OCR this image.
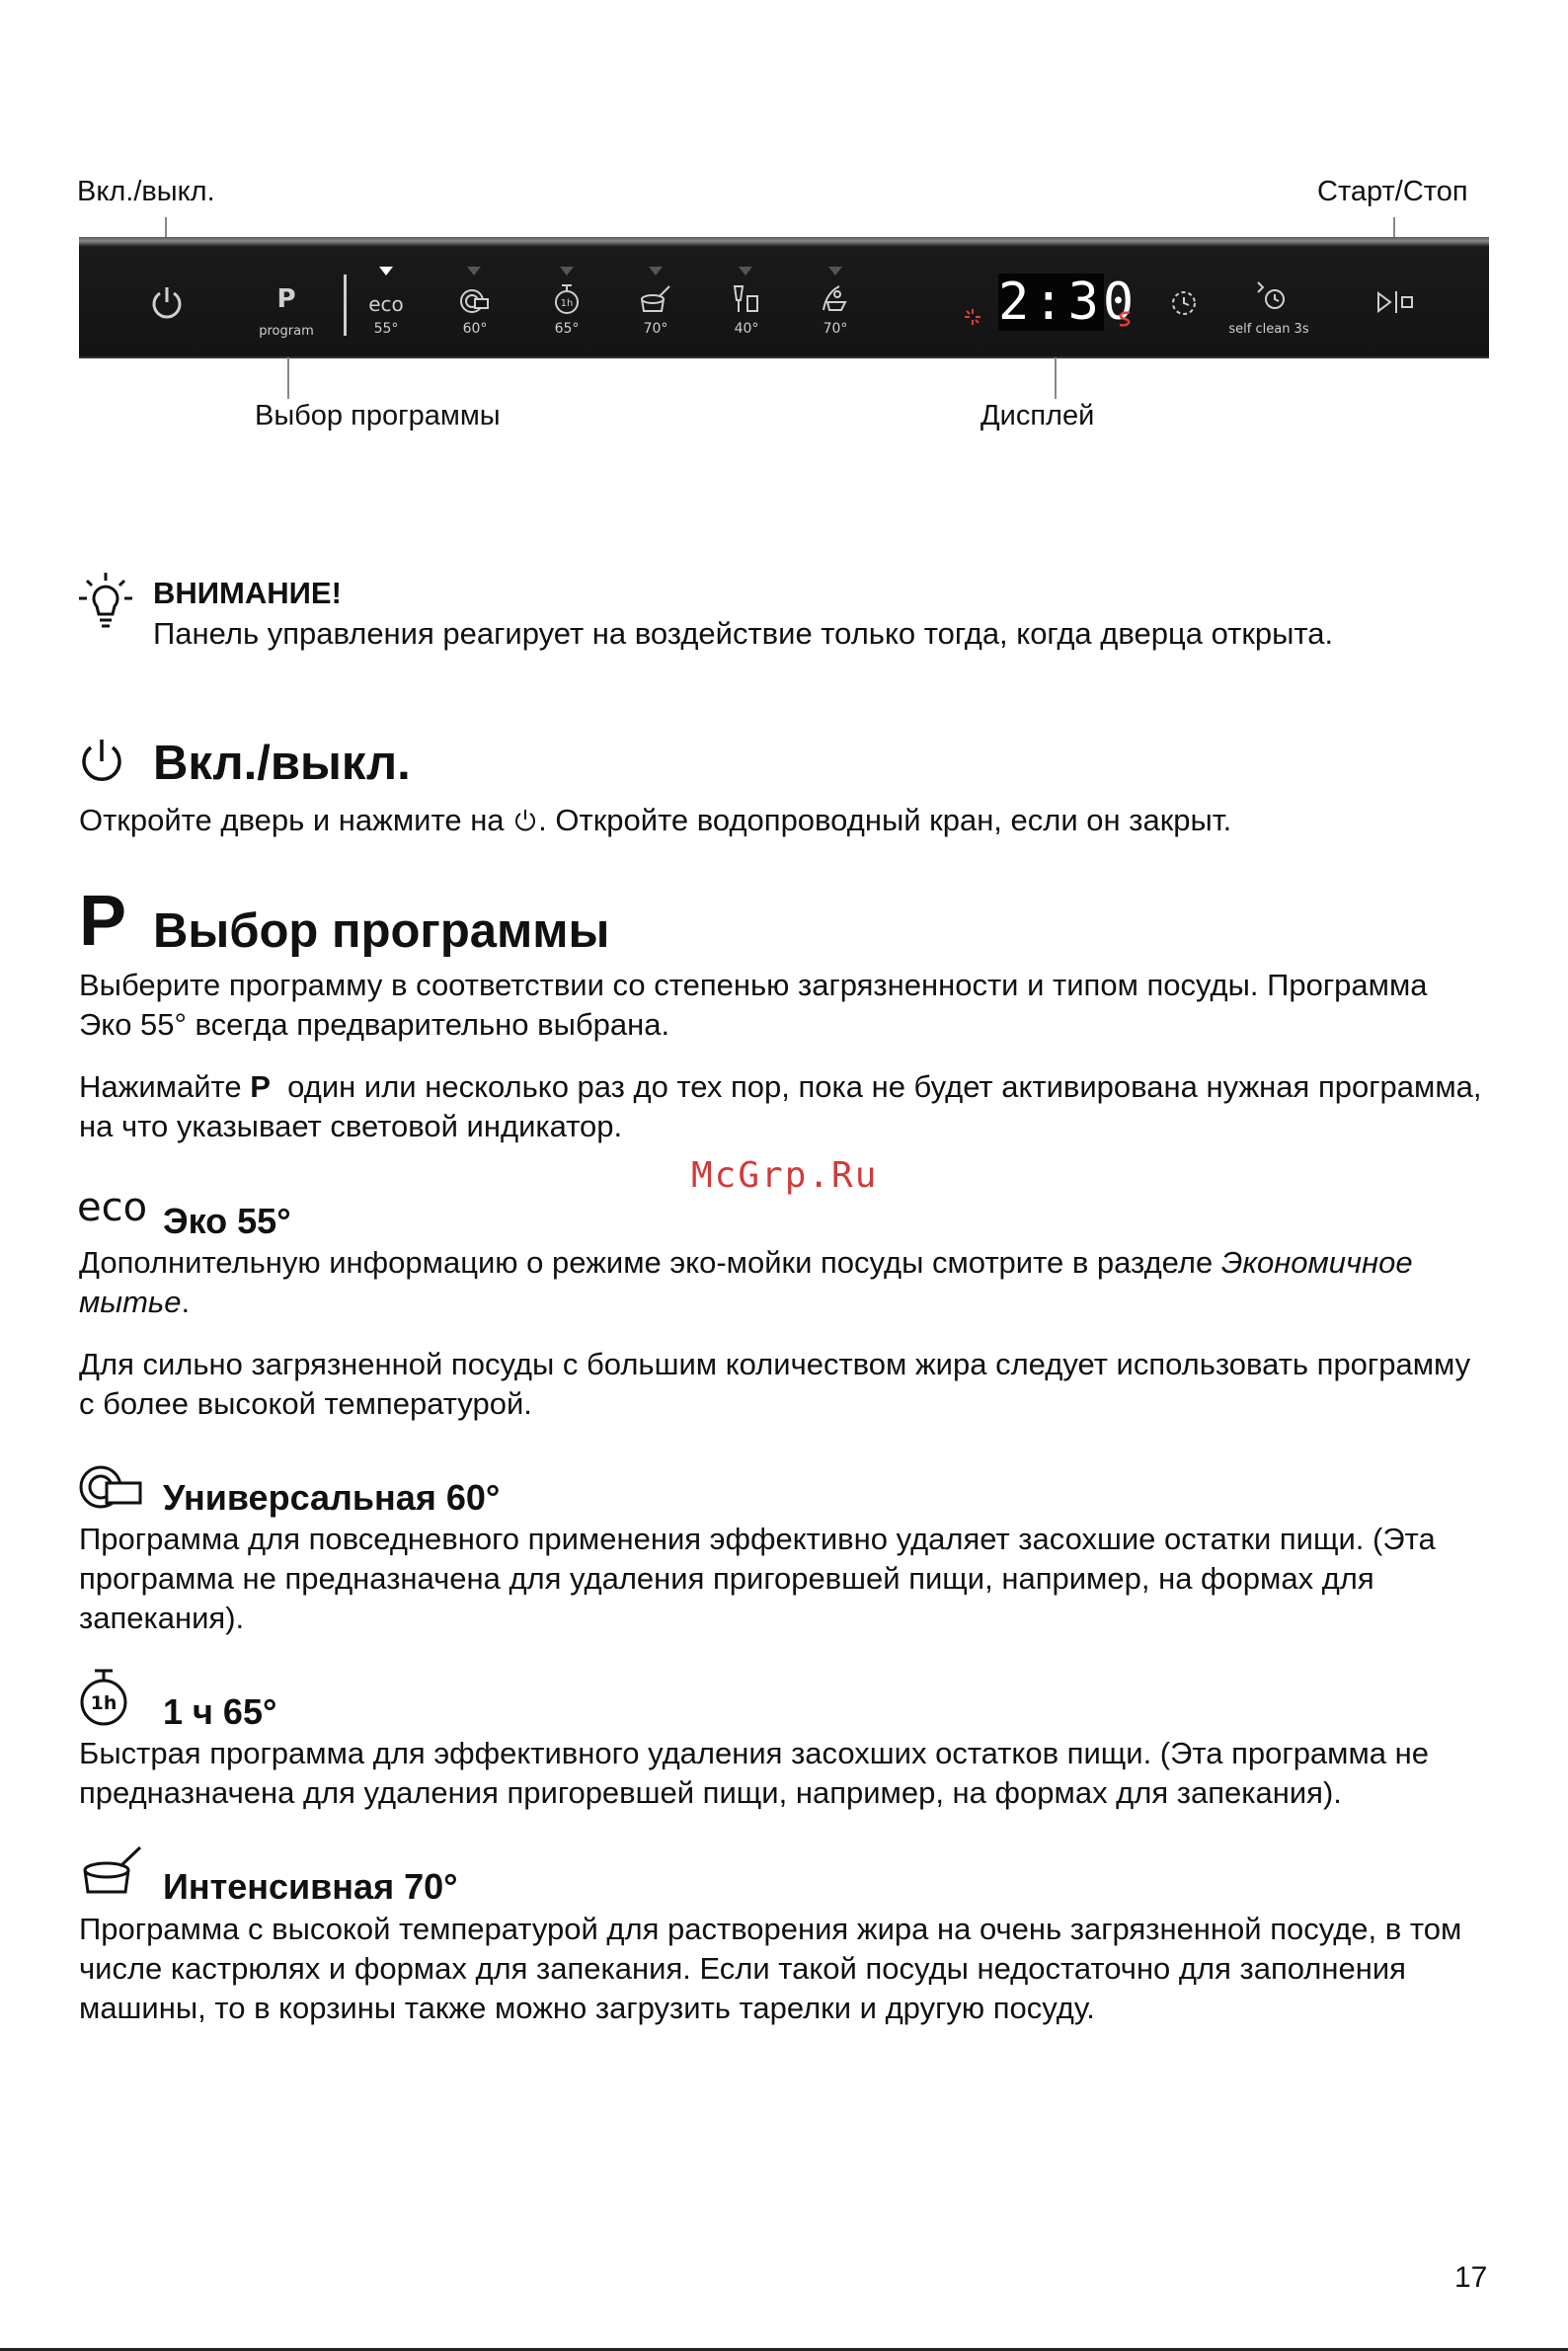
Вкл./выкл.	Старт/Стоп
P
program
eco
55°	60°
1h
65°	70°	40°	70°	2:30	self clean 3s
Выбор программы	Дисплей
ВНИМАНИЕ!
Панель управления реагирует на воздействие только тогда, когда дверца открыта.
Вкл./выкл.
Откройте дверь и нажмите на . Откройте водопроводный кран, если он закрыт.
P Выбор программы
Выберите программу в соответствии со степенью загрязненности и типом посуды. Программа
Эко 55° всегда предварительно выбрана.
Нажимайте P  один или несколько раз до тех пор, пока не будет активирована нужная программа,
на что указывает световой индикатор.
McGrp.Ru
eco Эко 55°
Дополнительную информацию о режиме эко-мойки посуды смотрите в разделе Экономичное
мытье.
Для сильно загрязненной посуды с большим количеством жира следует использовать программу
с более высокой температурой.
Универсальная 60°
Программа для повседневного применения эффективно удаляет засохшие остатки пищи. (Эта
программа не предназначена для удаления пригоревшей пищи, например, на формах для
запекания).
1h 1 ч 65°
Быстрая программа для эффективного удаления засохших остатков пищи. (Эта программа не
предназначена для удаления пригоревшей пищи, например, на формах для запекания).
Интенсивная 70°
Программа с высокой температурой для растворения жира на очень загрязненной посуде, в том
числе кастрюлях и формах для запекания. Если такой посуды недостаточно для заполнения
машины, то в корзины также можно загрузить тарелки и другую посуду.
17
